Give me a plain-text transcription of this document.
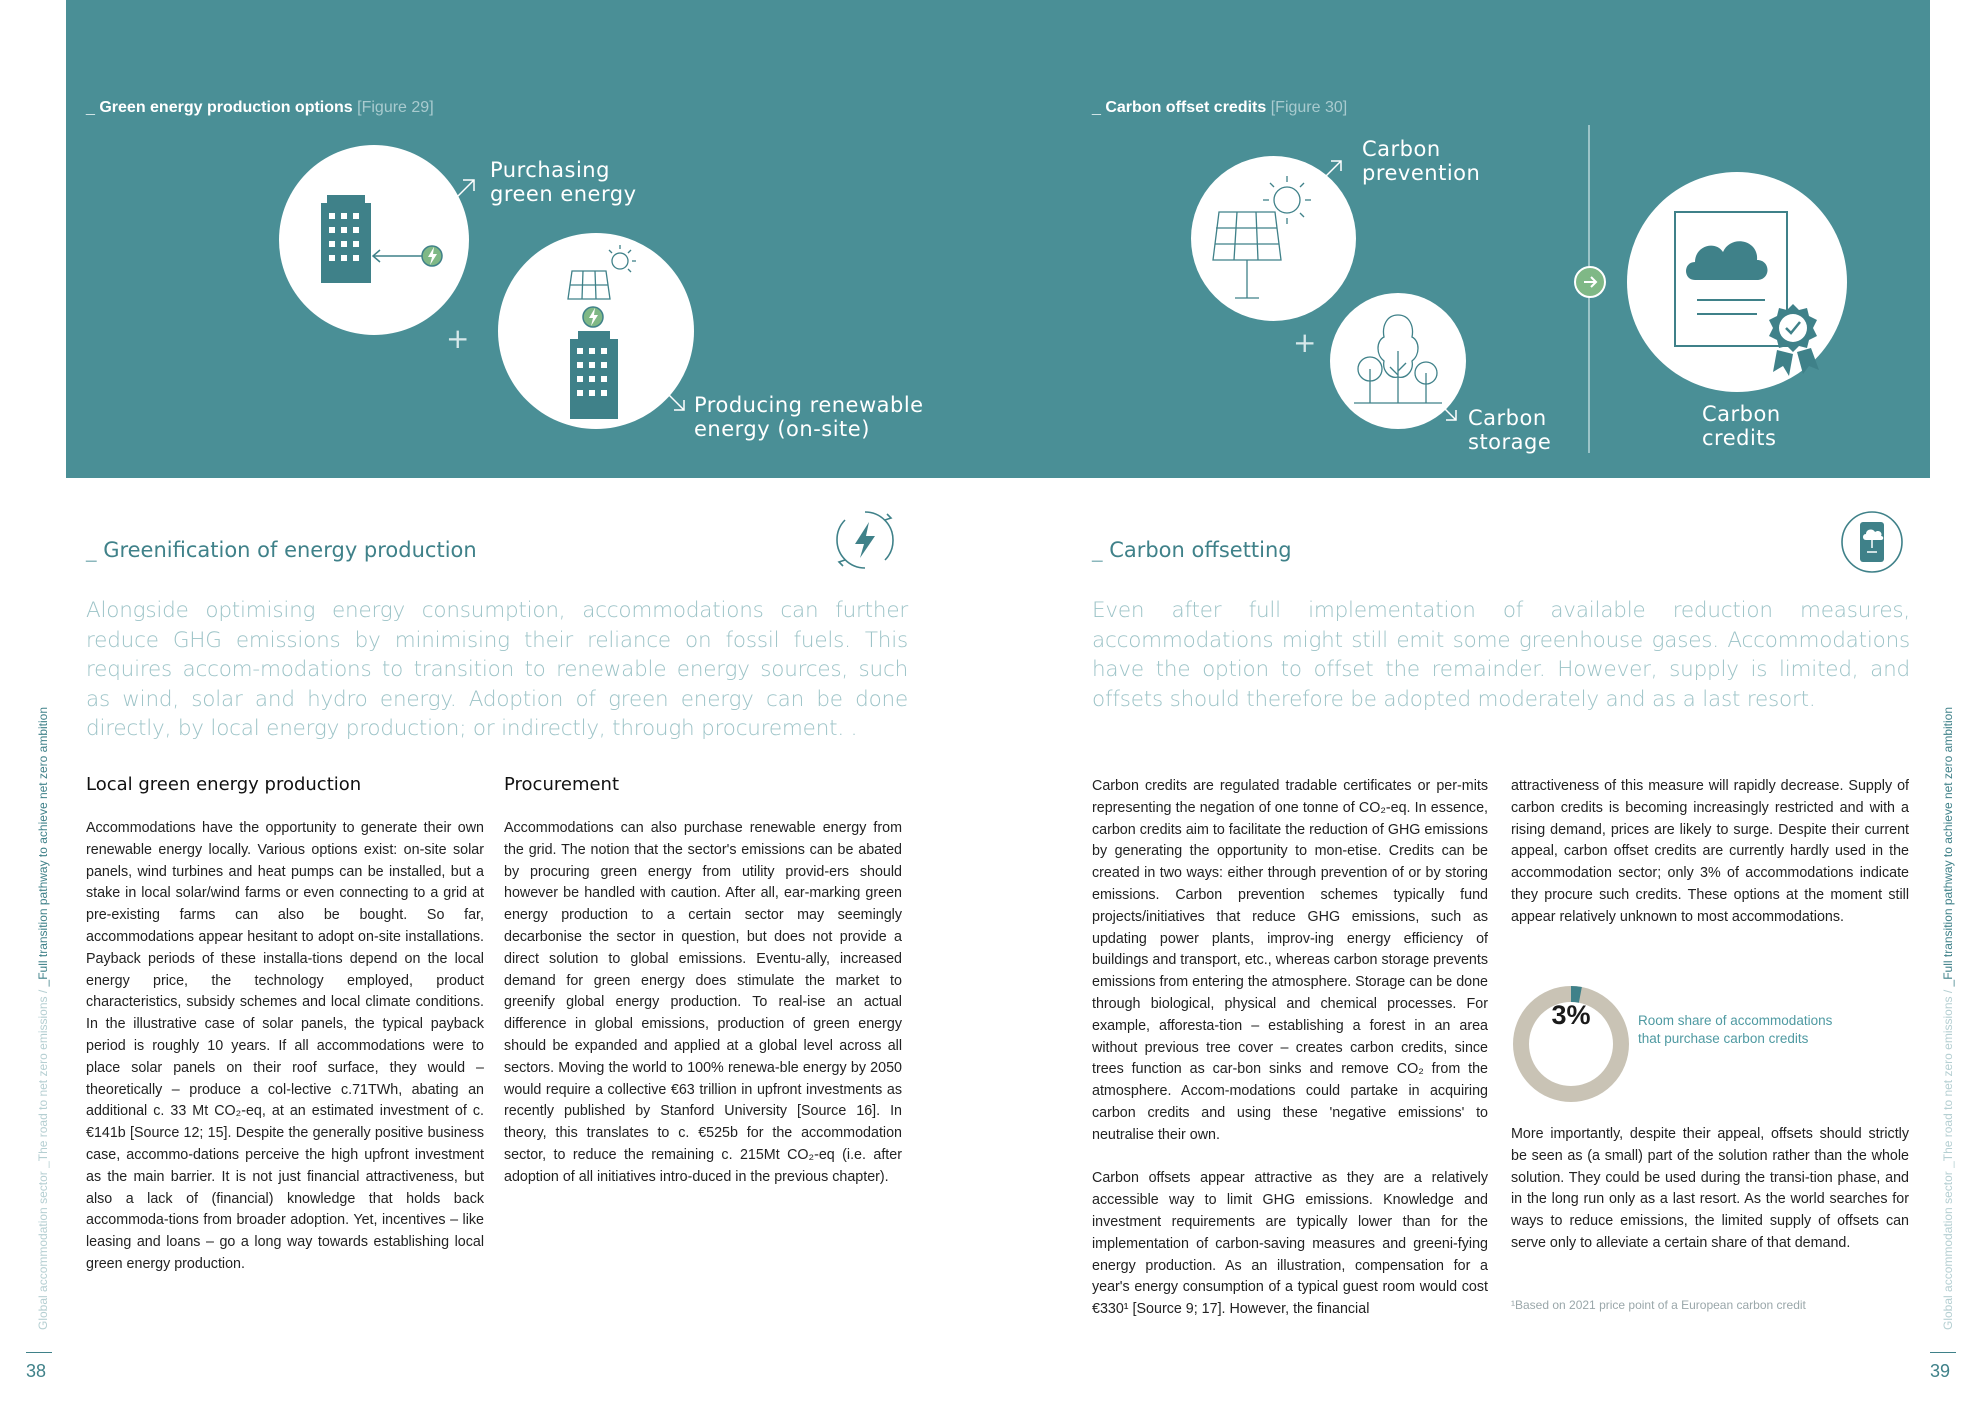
_ Green energy production options [Figure 29]
Purchasing green energy
+
Producing renewable energy (on-site)
_ Carbon offset credits [Figure 30]
Carbon prevention
+
Carbon storage
Carbon credits
_ Greenification of energy production
Alongside optimising energy consumption, accommodations can further reduce GHG emissions by minimising their reliance on fossil fuels. This requires accom-modations to transition to renewable energy sources, such as wind, solar and hydro energy. Adoption of green energy can be done directly, by local energy production; or indirectly, through procurement. .
Local green energy production	Procurement

Accommodations have the opportunity to generate their own renewable energy locally. Various options exist: on-site solar panels, wind turbines and heat pumps can be installed, but a stake in local solar/wind farms or even connecting to a grid at pre-existing farms can also be bought. So far, accommodations appear hesitant to adopt on-site installations. Payback periods of these installa-tions depend on the local energy price, the technology employed, product characteristics, subsidy schemes and local climate conditions. In the illustrative case of solar panels, the typical payback period is roughly 10 years. If all accommodations were to place solar panels on their roof surface, they would – theoretically – produce a col-lective c.71TWh, abating an additional c. 33 Mt CO₂-eq, at an estimated investment of c. €141b [Source 12; 15]. Despite the generally positive business case, accommo-dations perceive the high upfront investment as the main barrier. It is not just financial attractiveness, but also a lack of (financial) knowledge that holds back accommoda-tions from broader adoption. Yet, incentives – like leasing and loans – go a long way towards establishing local green energy production.

Accommodations can also purchase renewable energy from the grid. The notion that the sector's emissions can be abated by procuring green energy from utility provid-ers should however be handled with caution. After all, ear-marking green energy production to a certain sector may seemingly decarbonise the sector in question, but does not provide a direct solution to global emissions. Eventu-ally, increased demand for green energy does stimulate the market to greenify global energy production. To real-ise an actual difference in global emissions, production of green energy should be expanded and applied at a global level across all sectors. Moving the world to 100% renewa-ble energy by 2050 would require a collective €63 trillion in upfront investments as recently published by Stanford University [Source 16]. In theory, this translates to c. €525b for the accommodation sector, to reduce the remaining c. 215Mt CO₂-eq (i.e. after adoption of all initiatives intro-duced in the previous chapter).

_ Carbon offsetting
Even after full implementation of available reduction measures, accommodations might still emit some greenhouse gases. Accommodations have the option to offset the remainder. However, supply is limited, and offsets should therefore be adopted moderately and as a last resort.

Carbon credits are regulated tradable certificates or per-mits representing the negation of one tonne of CO₂-eq. In essence, carbon credits aim to facilitate the reduction of GHG emissions by generating the opportunity to mon-etise. Credits can be created in two ways: either through prevention of or by storing emissions. Carbon prevention schemes typically fund projects/initiatives that reduce GHG emissions, such as updating power plants, improv-ing energy efficiency of buildings and transport, etc., whereas carbon storage prevents emissions from entering the atmosphere. Storage can be done through biological, physical and chemical processes. For example, afforesta-tion – establishing a forest in an area without previous tree cover – creates carbon credits, since trees function as car-bon sinks and remove CO₂ from the atmosphere. Accom-modations could partake in acquiring carbon credits and using these 'negative emissions' to neutralise their own.

Carbon offsets appear attractive as they are a relatively accessible way to limit GHG emissions. Knowledge and investment requirements are typically lower than for the implementation of carbon-saving measures and greeni-fying energy production. As an illustration, compensation for a year's energy consumption of a typical guest room would cost €330¹ [Source 9; 17]. However, the financial

attractiveness of this measure will rapidly decrease. Supply of carbon credits is becoming increasingly restricted and with a rising demand, prices are likely to surge. Despite their current appeal, carbon offset credits are currently hardly used in the accommodation sector; only 3% of accommodations indicate they procure such credits. These options at the moment still appear relatively unknown to most accommodations.

3%	Room share of accommodations that purchase carbon credits

More importantly, despite their appeal, offsets should strictly be seen as (a small) part of the solution rather than the whole solution. They could be used during the transi-tion phase, and in the long run only as a last resort. As the world searches for ways to reduce emissions, the limited supply of offsets can serve only to alleviate a certain share of that demand.

¹Based on 2021 price point of a European carbon credit
Global accommodation sector _The road to net zero emissions / _Full transition pathway to achieve net zero ambition
Global accommodation sector _The road to net zero emissions / _Full transition pathway to achieve net zero ambition
38	39
